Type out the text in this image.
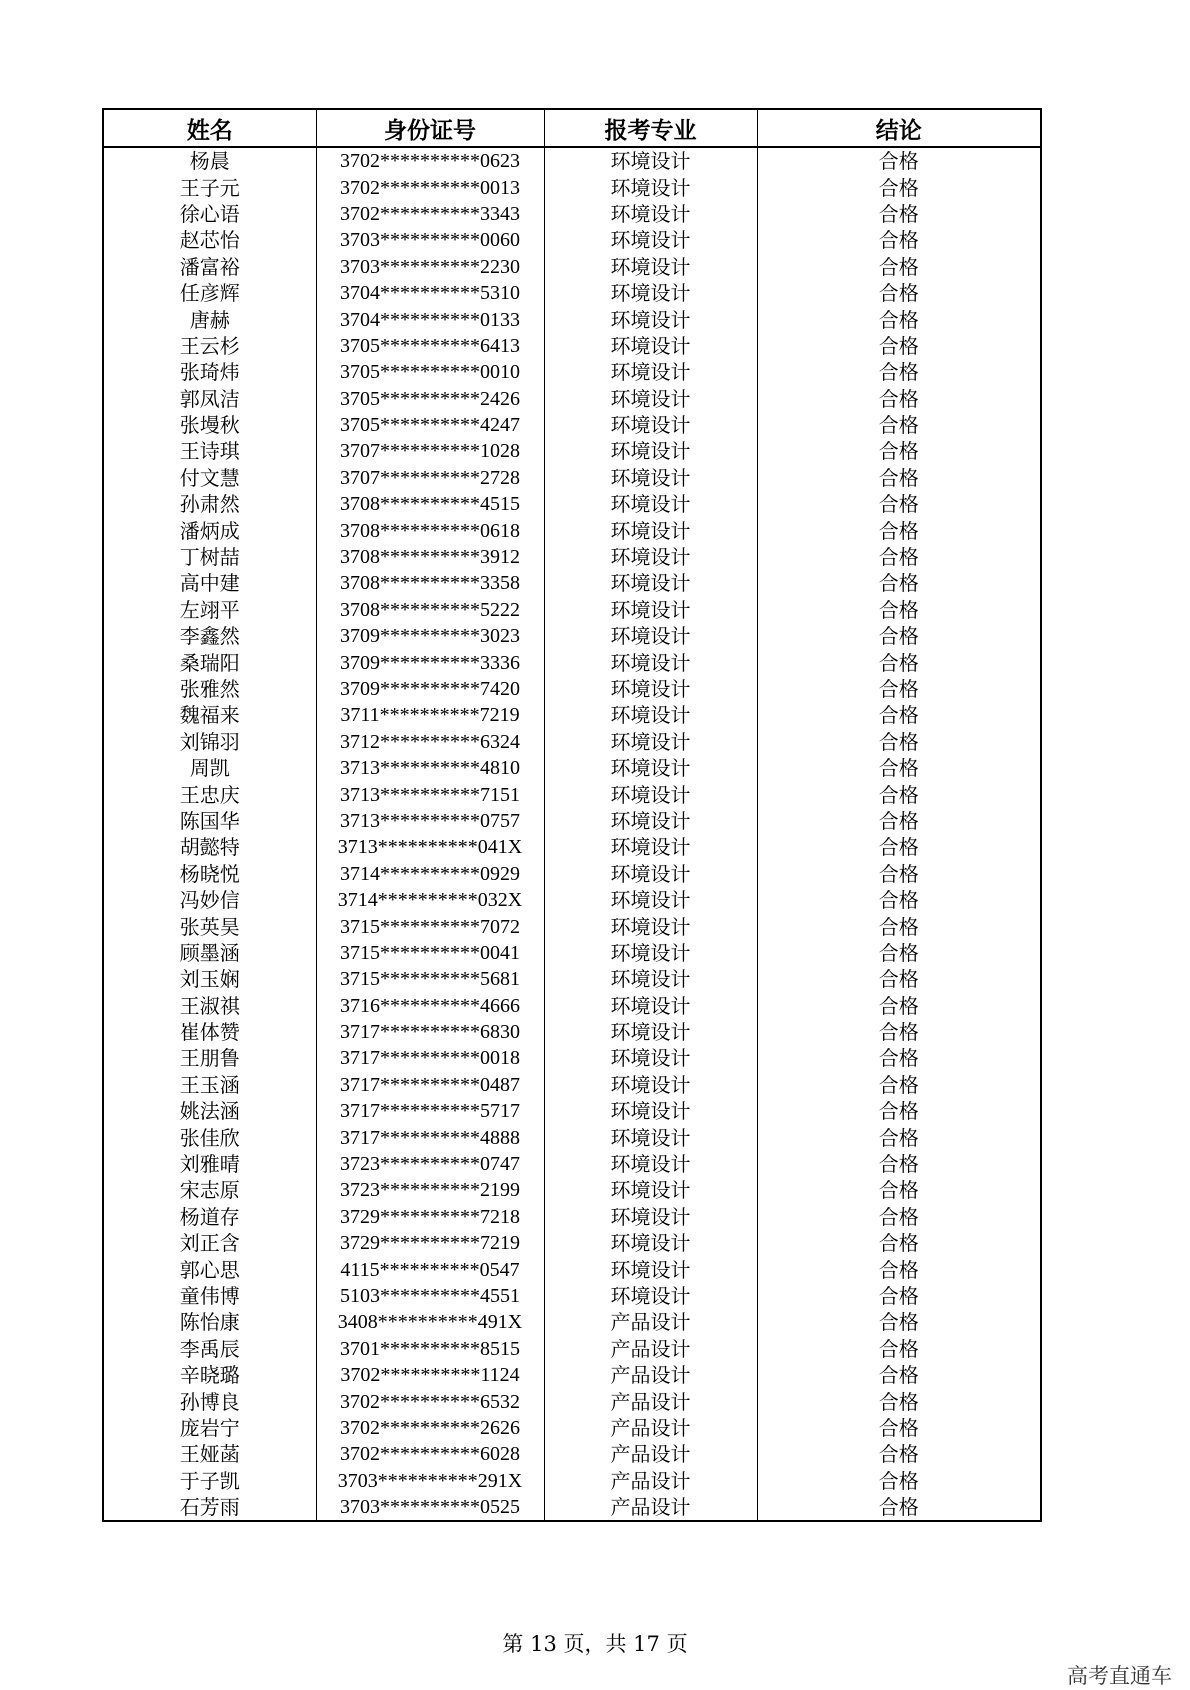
姓名	身份证号	报考专业	结论
杨晨	3702**********0623	环境设计	合格
王子元	3702**********0013	环境设计	合格
徐心语	3702**********3343	环境设计	合格
赵芯怡	3703**********0060	环境设计	合格
潘富裕	3703**********2230	环境设计	合格
任彦辉	3704**********5310	环境设计	合格
唐赫	3704**********0133	环境设计	合格
王云杉	3705**********6413	环境设计	合格
张琦炜	3705**********0010	环境设计	合格
郭凤洁	3705**********2426	环境设计	合格
张墁秋	3705**********4247	环境设计	合格
王诗琪	3707**********1028	环境设计	合格
付文慧	3707**********2728	环境设计	合格
孙肃然	3708**********4515	环境设计	合格
潘炳成	3708**********0618	环境设计	合格
丁树喆	3708**********3912	环境设计	合格
高中建	3708**********3358	环境设计	合格
左翊平	3708**********5222	环境设计	合格
李鑫然	3709**********3023	环境设计	合格
桑瑞阳	3709**********3336	环境设计	合格
张雅然	3709**********7420	环境设计	合格
魏福来	3711**********7219	环境设计	合格
刘锦羽	3712**********6324	环境设计	合格
周凯	3713**********4810	环境设计	合格
王忠庆	3713**********7151	环境设计	合格
陈国华	3713**********0757	环境设计	合格
胡懿特	3713**********041X	环境设计	合格
杨晓悦	3714**********0929	环境设计	合格
冯妙信	3714**********032X	环境设计	合格
张英昊	3715**********7072	环境设计	合格
顾墨涵	3715**********0041	环境设计	合格
刘玉娴	3715**********5681	环境设计	合格
王淑祺	3716**********4666	环境设计	合格
崔体赞	3717**********6830	环境设计	合格
王朋鲁	3717**********0018	环境设计	合格
王玉涵	3717**********0487	环境设计	合格
姚法涵	3717**********5717	环境设计	合格
张佳欣	3717**********4888	环境设计	合格
刘雅晴	3723**********0747	环境设计	合格
宋志原	3723**********2199	环境设计	合格
杨道存	3729**********7218	环境设计	合格
刘正含	3729**********7219	环境设计	合格
郭心思	4115**********0547	环境设计	合格
童伟博	5103**********4551	环境设计	合格
陈怡康	3408**********491X	产品设计	合格
李禹辰	3701**********8515	产品设计	合格
辛晓璐	3702**********1124	产品设计	合格
孙博良	3702**********6532	产品设计	合格
庞岩宁	3702**********2626	产品设计	合格
王娅菡	3702**********6028	产品设计	合格
于子凯	3703**********291X	产品设计	合格
石芳雨	3703**********0525	产品设计	合格
第 13 页，共 17 页
高考直通车
